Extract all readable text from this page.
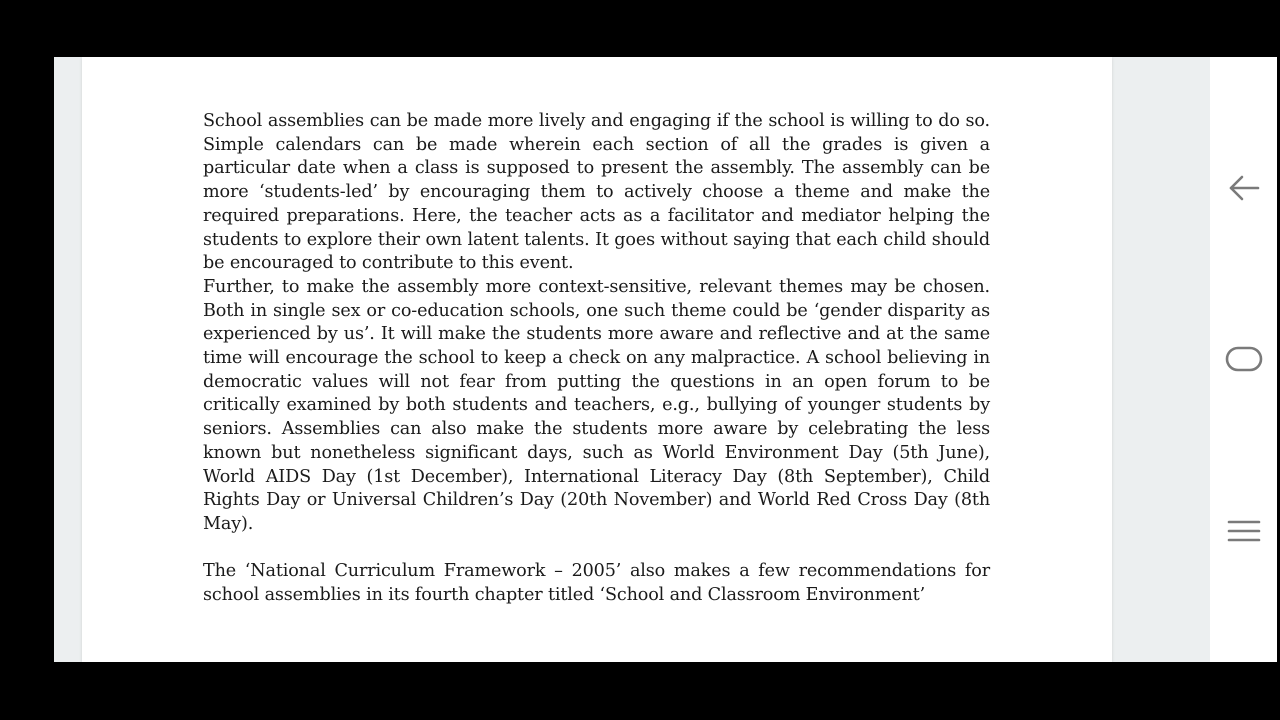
School assemblies can be made more lively and engaging if the school is willing to do so. Simple calendars can be made wherein each section of all the grades is given a particular date when a class is supposed to present the assembly. The assembly can be more ‘students-led’ by encouraging them to actively choose a theme and make the required preparations. Here, the teacher acts as a facilitator and mediator helping the students to explore their own latent talents. It goes without saying that each child should be encouraged to contribute to this event.

Further, to make the assembly more context-sensitive, relevant themes may be chosen. Both in single sex or co-education schools, one such theme could be ‘gender disparity as experienced by us’. It will make the students more aware and reflective and at the same time will encourage the school to keep a check on any malpractice. A school believing in democratic values will not fear from putting the questions in an open forum to be critically examined by both students and teachers, e.g., bullying of younger students by seniors. Assemblies can also make the students more aware by celebrating the less known but nonetheless significant days, such as World Environment Day (5th June), World AIDS Day (1st December), International Literacy Day (8th September), Child Rights Day or Universal Children’s Day (20th November) and World Red Cross Day (8th May).

The ‘National Curriculum Framework – 2005’ also makes a few recommendations for school assemblies in its fourth chapter titled ‘School and Classroom Environment’
